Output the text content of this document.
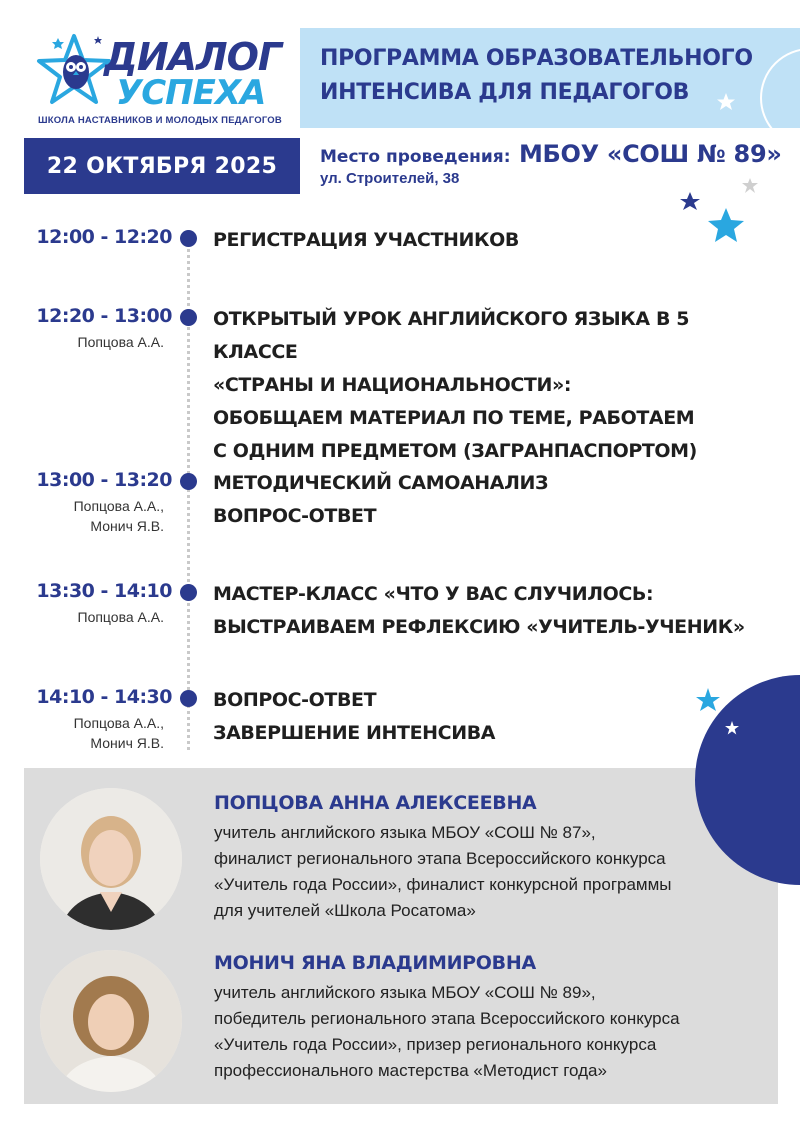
ДИАЛОГ
УСПЕХА
ШКОЛА НАСТАВНИКОВ И МОЛОДЫХ ПЕДАГОГОВ
ПРОГРАММА ОБРАЗОВАТЕЛЬНОГО
ИНТЕНСИВА ДЛЯ ПЕДАГОГОВ
22 ОКТЯБРЯ 2025	Место проведения: МБОУ «СОШ № 89»
ул. Строителей, 38
12:00 - 12:20 РЕГИСТРАЦИЯ УЧАСТНИКОВ
12:20 - 13:00
Попцова А.А.
ОТКРЫТЫЙ УРОК АНГЛИЙСКОГО ЯЗЫКА В 5 КЛАССЕ
«СТРАНЫ И НАЦИОНАЛЬНОСТИ»:
ОБОБЩАЕМ МАТЕРИАЛ ПО ТЕМЕ, РАБОТАЕМ
С ОДНИМ ПРЕДМЕТОМ (ЗАГРАНПАСПОРТОМ)
13:00 - 13:20
Попцова А.А.,
Монич Я.В.
МЕТОДИЧЕСКИЙ САМОАНАЛИЗ
ВОПРОС-ОТВЕТ
13:30 - 14:10
Попцова А.А.
МАСТЕР-КЛАСС «ЧТО У ВАС СЛУЧИЛОСЬ:
ВЫСТРАИВАЕМ РЕФЛЕКСИЮ «УЧИТЕЛЬ-УЧЕНИК»
14:10 - 14:30
Попцова А.А.,
Монич Я.В.
ВОПРОС-ОТВЕТ
ЗАВЕРШЕНИЕ ИНТЕНСИВА
ПОПЦОВА АННА АЛЕКСЕЕВНА
учитель английского языка МБОУ «СОШ № 87»,
финалист регионального этапа Всероссийского конкурса
«Учитель года России», финалист конкурсной программы
для учителей «Школа Росатома»
МОНИЧ ЯНА ВЛАДИМИРОВНА
учитель английского языка МБОУ «СОШ № 89»,
победитель регионального этапа Всероссийского конкурса
«Учитель года России», призер регионального конкурса
профессионального мастерства «Методист года»
